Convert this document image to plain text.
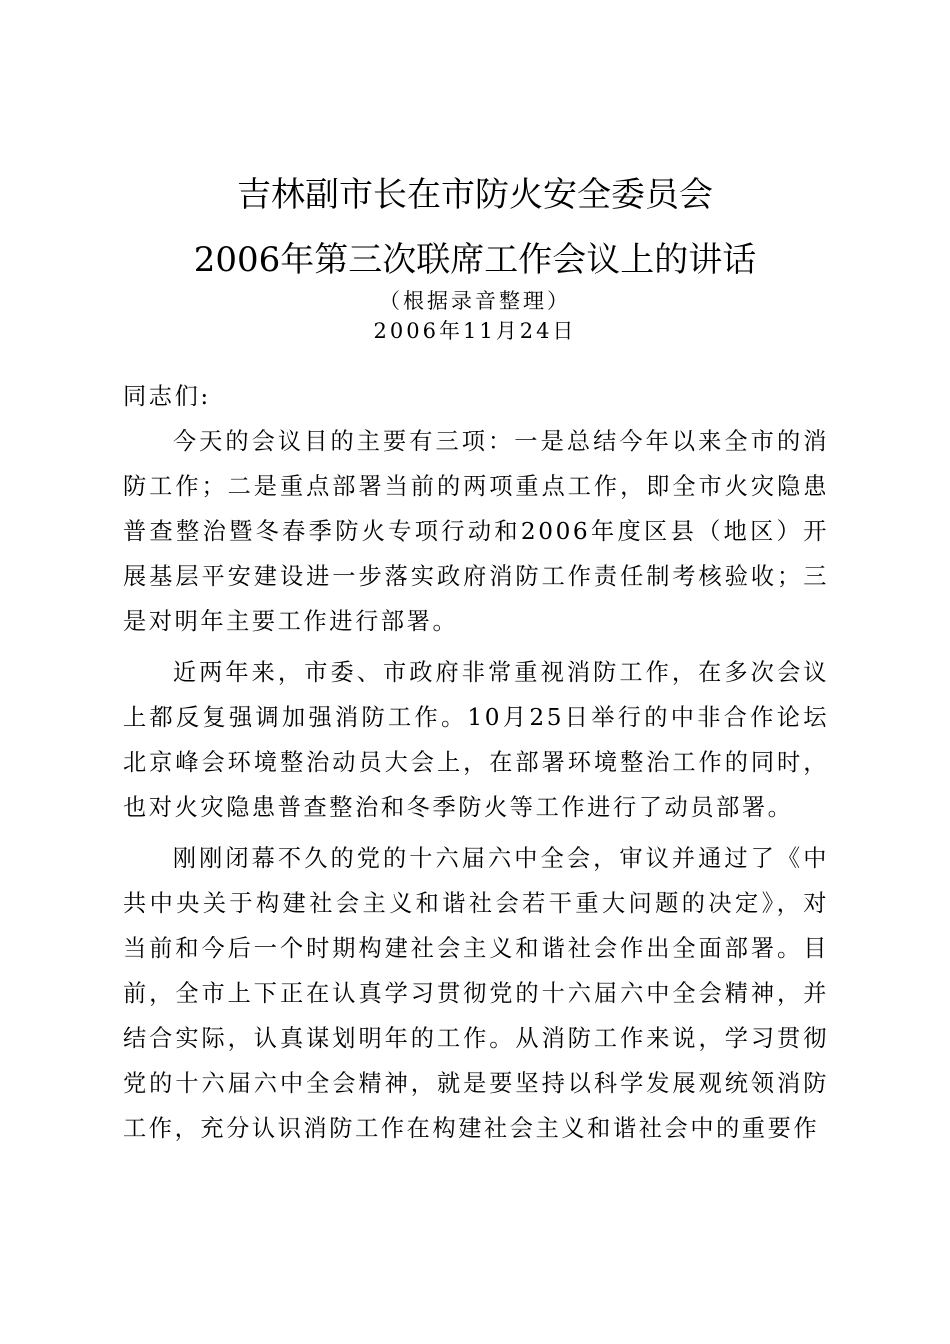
吉林副市长在市防火安全委员会
2006年第三次联席工作会议上的讲话
（根据录音整理）
2006年11月24日

同志们:

今天的会议目的主要有三项：一是总结今年以来全市的消防工作；二是重点部署当前的两项重点工作，即全市火灾隐患普查整治暨冬春季防火专项行动和2006年度区县（地区）开展基层平安建设进一步落实政府消防工作责任制考核验收；三是对明年主要工作进行部署。

近两年来，市委、市政府非常重视消防工作，在多次会议上都反复强调加强消防工作。10月25日举行的中非合作论坛北京峰会环境整治动员大会上，在部署环境整治工作的同时，也对火灾隐患普查整治和冬季防火等工作进行了动员部署。

刚刚闭幕不久的党的十六届六中全会，审议并通过了《中共中央关于构建社会主义和谐社会若干重大问题的决定》，对当前和今后一个时期构建社会主义和谐社会作出全面部署。目前，全市上下正在认真学习贯彻党的十六届六中全会精神，并结合实际，认真谋划明年的工作。从消防工作来说，学习贯彻党的十六届六中全会精神，就是要坚持以科学发展观统领消防工作，充分认识消防工作在构建社会主义和谐社会中的重要作
